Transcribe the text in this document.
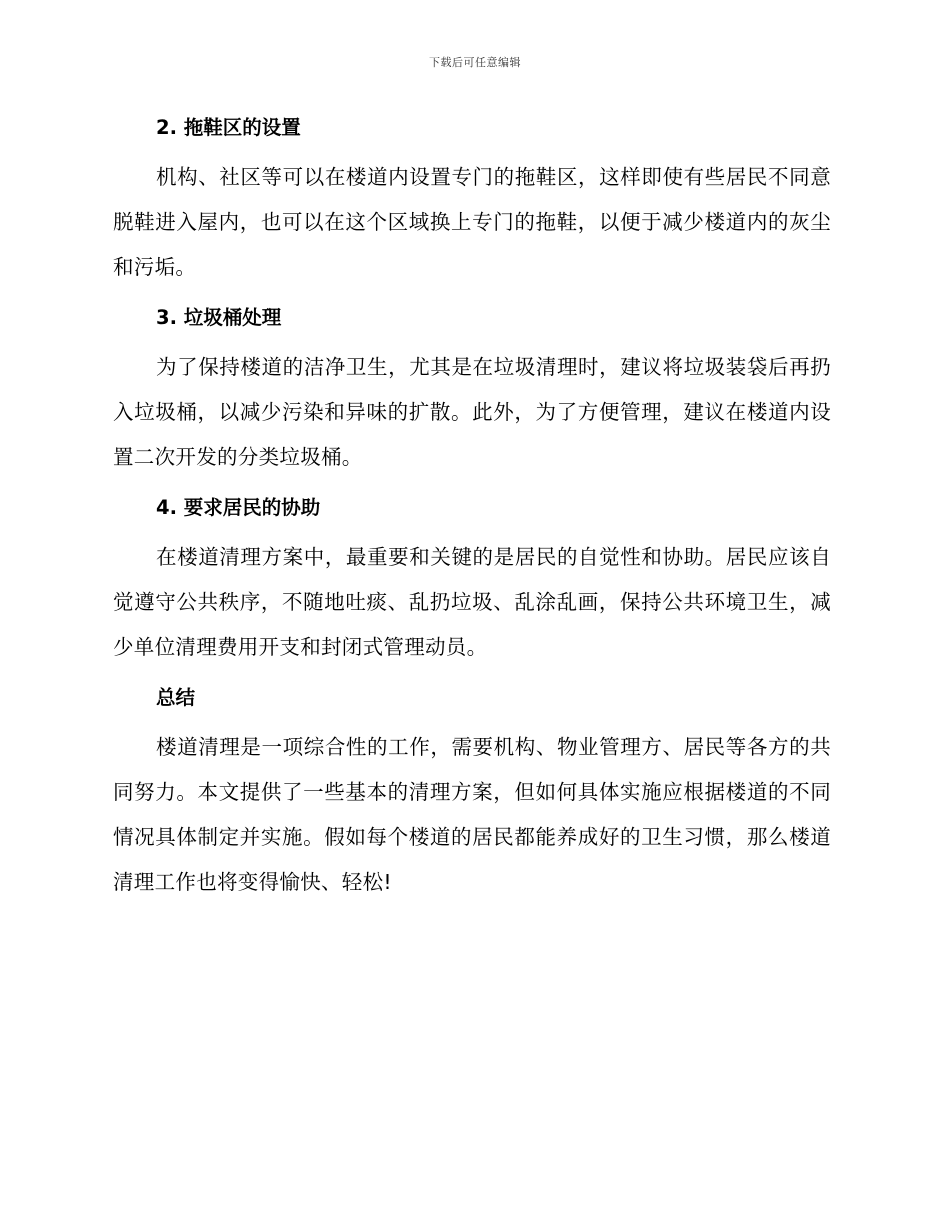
下载后可任意编辑
2. 拖鞋区的设置

机构、社区等可以在楼道内设置专门的拖鞋区，这样即使有些居民不同意脱鞋进入屋内，也可以在这个区域换上专门的拖鞋，以便于减少楼道内的灰尘和污垢。

3. 垃圾桶处理

为了保持楼道的洁净卫生，尤其是在垃圾清理时，建议将垃圾装袋后再扔入垃圾桶，以减少污染和异味的扩散。此外，为了方便管理，建议在楼道内设置二次开发的分类垃圾桶。

4. 要求居民的协助

在楼道清理方案中，最重要和关键的是居民的自觉性和协助。居民应该自觉遵守公共秩序，不随地吐痰、乱扔垃圾、乱涂乱画，保持公共环境卫生，减少单位清理费用开支和封闭式管理动员。

总结

楼道清理是一项综合性的工作，需要机构、物业管理方、居民等各方的共同努力。本文提供了一些基本的清理方案，但如何具体实施应根据楼道的不同情况具体制定并实施。假如每个楼道的居民都能养成好的卫生习惯，那么楼道清理工作也将变得愉快、轻松!
